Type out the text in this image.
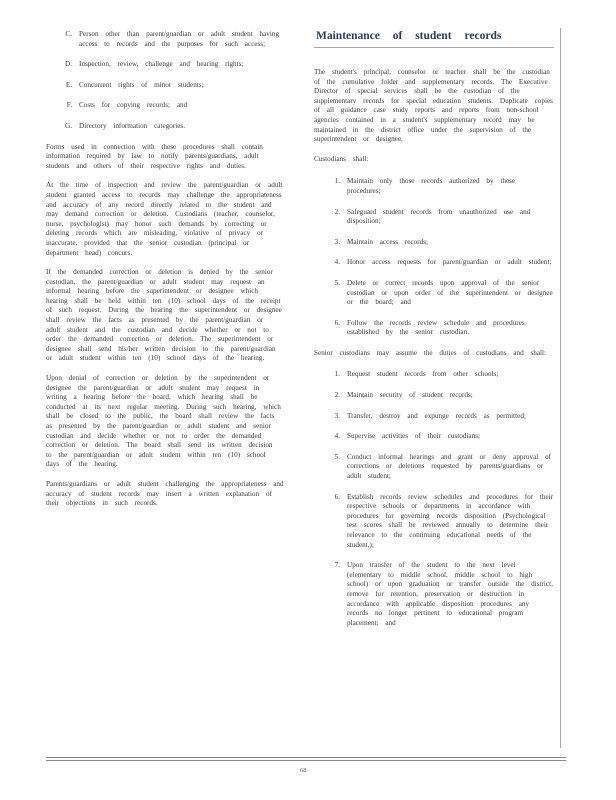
C. Person other than parent/guardian or adult student having access to records and the purposes for such access;
D. Inspection, review, challenge and hearing rights;
E. Concurrent rights of minor students;
F. Costs for copying records; and
G. Directory information categories.

Forms used in connection with these procedures shall contain information required by law to notify parents/guardians, adult students and others of their respective rights and duties.

At the time of inspection and review the parent/guardian or adult student granted access to records may challenge the appropriateness and accuracy of any record directly related to the student and may demand correction or deletion. Custodians (teacher, counselor, nurse, psychologist) may honor such demands by correcting or deleting records which are misleading, violative of privacy or inaccurate, provided that the senior custodian (principal or department head) concurs.

If the demanded correction or deletion is denied by the senior custodian, the parent/guardian or adult student may request an informal hearing before the superintendent or designee which hearing shall be held within ten (10) school days of the receipt of such request. During the hearing the superintendent or designee shall review the facts as presented by the parent/guardian or adult student and the custodian and decide whether or not to order the demanded correction or deletion. The superintendent or designee shall send his/her written decision to the parent/guardian or adult student within ten (10) school days of the hearing.

Upon denial of correction or deletion by the superintendent or designee the parent/guardian or adult student may request in writing a hearing before the board, which hearing shall be conducted at its next regular meeting. During such hearing, which shall be closed to the public, the board shall review the facts as presented by the parent/guardian or adult student and senior custodian and decide whether or not to order the demanded correction or deletion. The board shall send its written decision to the parent/guardian or adult student within ten (10) school days of the hearing.

Parents/guardians or adult student challenging the appropriateness and accuracy of student records may insert a written explanation of their objections in such records.

Maintenance of student records

The student's principal, counselor or teacher shall be the custodian of the cumulative folder and supplementary records. The Executive Director of special services shall be the custodian of the supplementary records for special education students. Duplicate copies of all guidance case study reports and reports from non-school agencies contained in a student's supplementary record may be maintained in the district office under the supervision of the superintendent or designee.

Custodians shall:

1. Maintain only those records authorized by these procedures;
2. Safeguard student records from unauthorized use and disposition;
3. Maintain access records;
4. Honor access requests for parent/guardian or adult student;
5. Delete or correct records upon approval of the senior custodian or upon order of the superintendent or designee or the board; and
6. Follow the records review schedule and procedures established by the senior custodian.

Senior custodians may assume the duties of custodians and shall:

1. Request student records from other schools;
2. Maintain security of student records;
3. Transfer, destroy and expunge records as permitted;
4. Supervise activities of their custodians;
5. Conduct informal hearings and grant or deny approval of corrections or deletions requested by parents/guardians or adult student;
6. Establish records review schedules and procedures for their respective schools or departments in accordance with procedures for governing records disposition (Psychological test scores shall be reviewed annually to determine their relevance to the continuing educational needs of the student.);
7. Upon transfer of the student to the next level (elementary to middle school, middle school to high school) or upon graduation or transfer outside the district, remove for retention, preservation or destruction in accordance with applicable disposition procedures any records no longer pertinent to educational program placement; and
68
